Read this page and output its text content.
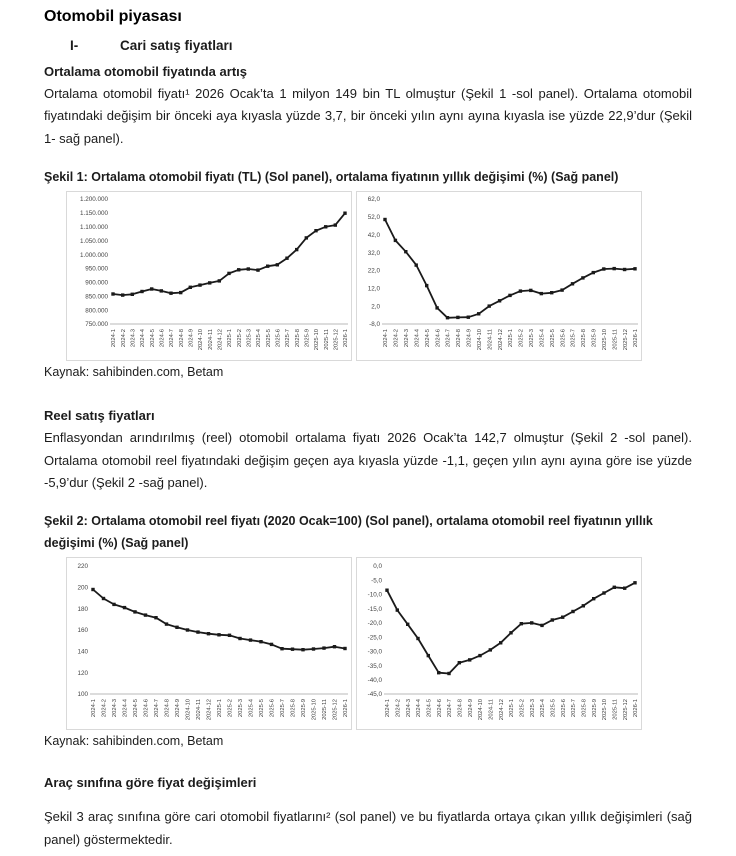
Otomobil piyasası
I-	Cari satış fiyatları
Ortalama otomobil fiyatında artış

Ortalama otomobil fiyatı¹ 2026 Ocak’ta 1 milyon 149 bin TL olmuştur (Şekil 1 -sol panel). Ortalama otomobil fiyatındaki değişim bir önceki aya kıyasla yüzde 3,7, bir önceki yılın aynı ayına kıyasla ise yüzde 22,9’dur (Şekil 1- sağ panel).

Şekil 1: Ortalama otomobil fiyatı (TL) (Sol panel), ortalama fiyatının yıllık değişimi (%) (Sağ panel)

1.200.000
1.150.000
1.100.000
1.050.000
1.000.000
950.000
900.000
850.000
800.000
750.000
2024-1 2024-2 2024-3 2024-4 2024-5 2024-6 2024-7 2024-8 2024-9 2024-10 2024-11 2024-12 2025-1 2025-2 2025-3 2025-4 2025-5 2025-6 2025-7 2025-8 2025-9 2025-10 2025-11 2025-12 2026-1
62,0
52,0
42,0
32,0
22,0
12,0
2,0
-8,0
2024-1 2024-2 2024-3 2024-4 2024-5 2024-6 2024-7 2024-8 2024-9 2024-10 2024-11 2024-12 2025-1 2025-2 2025-3 2025-4 2025-5 2025-6 2025-7 2025-8 2025-9 2025-10 2025-11 2025-12 2026-1

Kaynak: sahibinden.com, Betam

Reel satış fiyatları

Enflasyondan arındırılmış (reel) otomobil ortalama fiyatı 2026 Ocak’ta 142,7 olmuştur (Şekil 2 -sol panel). Ortalama otomobil reel fiyatındaki değişim geçen aya kıyasla yüzde -1,1, geçen yılın aynı ayına göre ise yüzde -5,9’dur (Şekil 2 -sağ panel).

Şekil 2: Ortalama otomobil reel fiyatı (2020 Ocak=100) (Sol panel), ortalama otomobil reel fiyatının yıllık değişimi (%) (Sağ panel)

220
200
180
160
140
120
100
2024-1 2024-2 2024-3 2024-4 2024-5 2024-6 2024-7 2024-8 2024-9 2024-10 2024-11 2024-12 2025-1 2025-2 2025-3 2025-4 2025-5 2025-6 2025-7 2025-8 2025-9 2025-10 2025-11 2025-12 2026-1
0,0
-5,0
-10,0
-15,0
-20,0
-25,0
-30,0
-35,0
-40,0
-45,0
2024-1 2024-2 2024-3 2024-4 2024-5 2024-6 2024-7 2024-8 2024-9 2024-10 2024-11 2024-12 2025-1 2025-2 2025-3 2025-4 2025-5 2025-6 2025-7 2025-8 2025-9 2025-10 2025-11 2025-12 2026-1

Kaynak: sahibinden.com, Betam

Araç sınıfına göre fiyat değişimleri

Şekil 3 araç sınıfına göre cari otomobil fiyatlarını² (sol panel) ve bu fiyatlarda ortaya çıkan yıllık değişimleri (sağ panel) göstermektedir.
